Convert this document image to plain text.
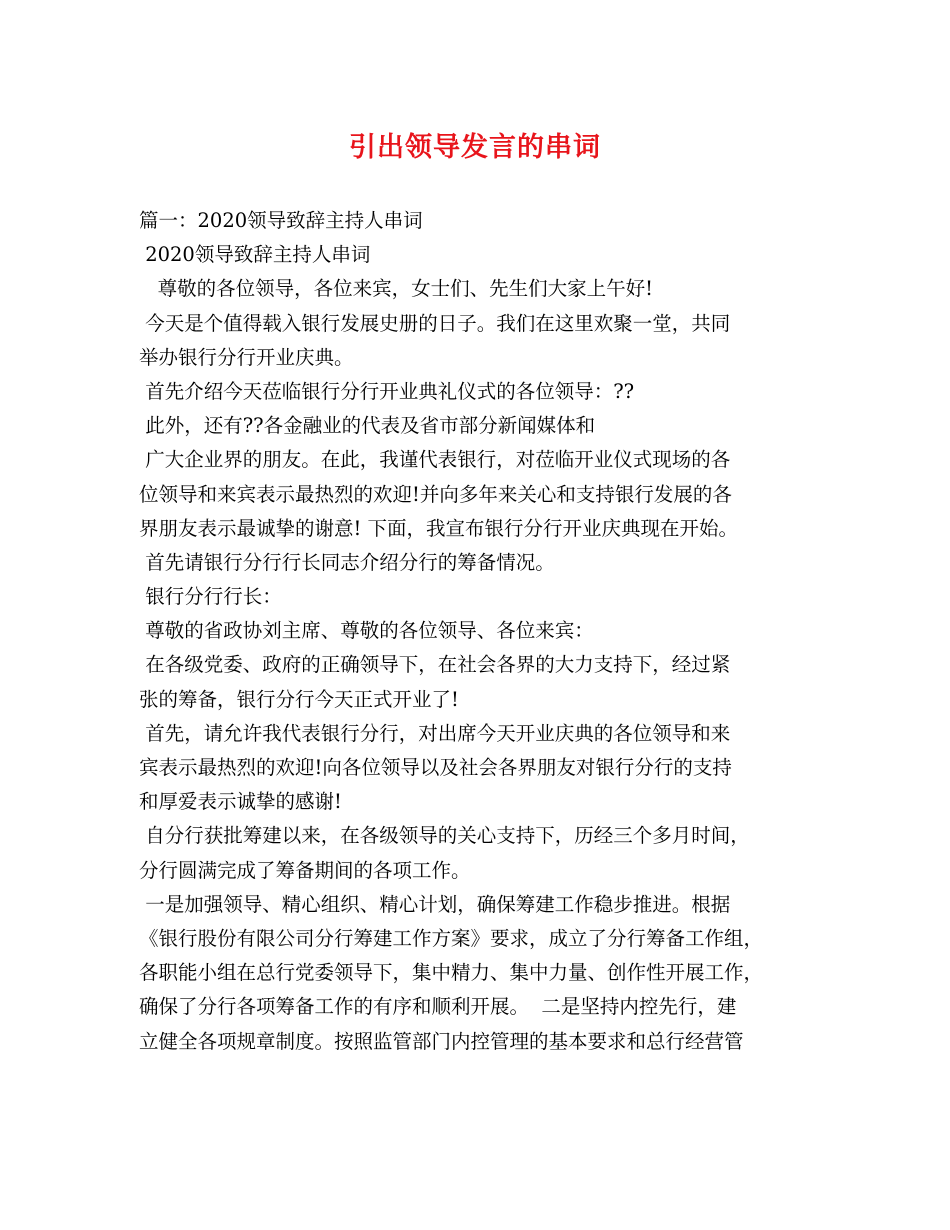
引出领导发言的串词
篇一：2020领导致辞主持人串词
2020领导致辞主持人串词
尊敬的各位领导，各位来宾，女士们、先生们大家上午好!
今天是个值得载入银行发展史册的日子。我们在这里欢聚一堂，共同
举办银行分行开业庆典。
首先介绍今天莅临银行分行开业典礼仪式的各位领导：??
此外，还有??各金融业的代表及省市部分新闻媒体和
广大企业界的朋友。在此，我谨代表银行，对莅临开业仪式现场的各
位领导和来宾表示最热烈的欢迎!并向多年来关心和支持银行发展的各
界朋友表示最诚挚的谢意! 下面，我宣布银行分行开业庆典现在开始。
首先请银行分行行长同志介绍分行的筹备情况。
银行分行行长：
尊敬的省政协刘主席、尊敬的各位领导、各位来宾：
在各级党委、政府的正确领导下，在社会各界的大力支持下，经过紧
张的筹备，银行分行今天正式开业了!
首先，请允许我代表银行分行，对出席今天开业庆典的各位领导和来
宾表示最热烈的欢迎!向各位领导以及社会各界朋友对银行分行的支持
和厚爱表示诚挚的感谢!
自分行获批筹建以来，在各级领导的关心支持下，历经三个多月时间，
分行圆满完成了筹备期间的各项工作。
一是加强领导、精心组织、精心计划，确保筹建工作稳步推进。根据
《银行股份有限公司分行筹建工作方案》要求，成立了分行筹备工作组，
各职能小组在总行党委领导下，集中精力、集中力量、创作性开展工作，
确保了分行各项筹备工作的有序和顺利开展。  二是坚持内控先行，建
立健全各项规章制度。按照监管部门内控管理的基本要求和总行经营管
